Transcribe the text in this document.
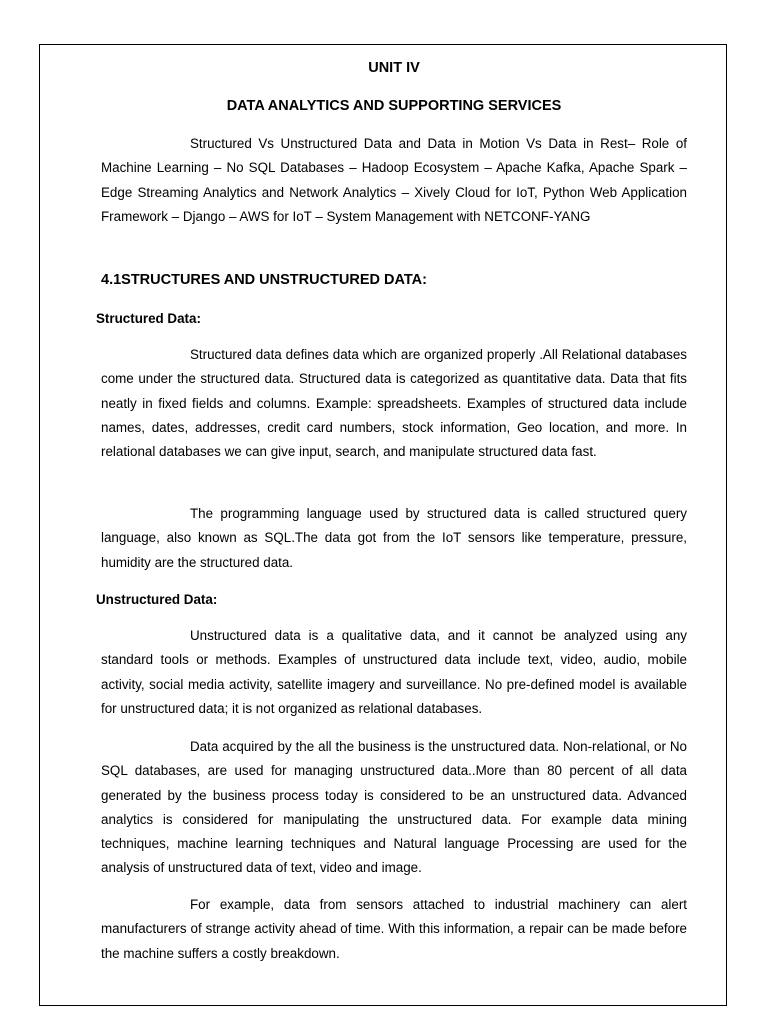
UNIT IV
DATA ANALYTICS AND SUPPORTING SERVICES

Structured Vs Unstructured Data and Data in Motion Vs Data in Rest– Role of Machine Learning – No SQL Databases – Hadoop Ecosystem – Apache Kafka, Apache Spark – Edge Streaming Analytics and Network Analytics – Xively Cloud for IoT, Python Web Application Framework – Django – AWS for IoT – System Management with NETCONF-YANG

4.1STRUCTURES AND UNSTRUCTURED DATA:
Structured Data:

Structured data defines data which are organized properly .All Relational databases come under the structured data. Structured data is categorized as quantitative data. Data that fits neatly in fixed fields and columns. Example: spreadsheets. Examples of structured data include names, dates, addresses, credit card numbers, stock information, Geo location, and more. In relational databases we can give input, search, and manipulate structured data fast.

The programming language used by structured data is called structured query language, also known as SQL.The data got from the IoT sensors like temperature, pressure, humidity are the structured data.

Unstructured Data:

Unstructured data is a qualitative data, and it cannot be analyzed using any standard tools or methods. Examples of unstructured data include text, video, audio, mobile activity, social media activity, satellite imagery and surveillance. No pre-defined model is available for unstructured data; it is not organized as relational databases.

Data acquired by the all the business is the unstructured data. Non-relational, or No SQL databases, are used for managing unstructured data..More than 80 percent of all data generated by the business process today is considered to be an unstructured data. Advanced analytics is considered for manipulating the unstructured data. For example data mining techniques, machine learning techniques and Natural language Processing are used for the analysis of unstructured data of text, video and image.

For example, data from sensors attached to industrial machinery can alert manufacturers of strange activity ahead of time. With this information, a repair can be made before the machine suffers a costly breakdown.
